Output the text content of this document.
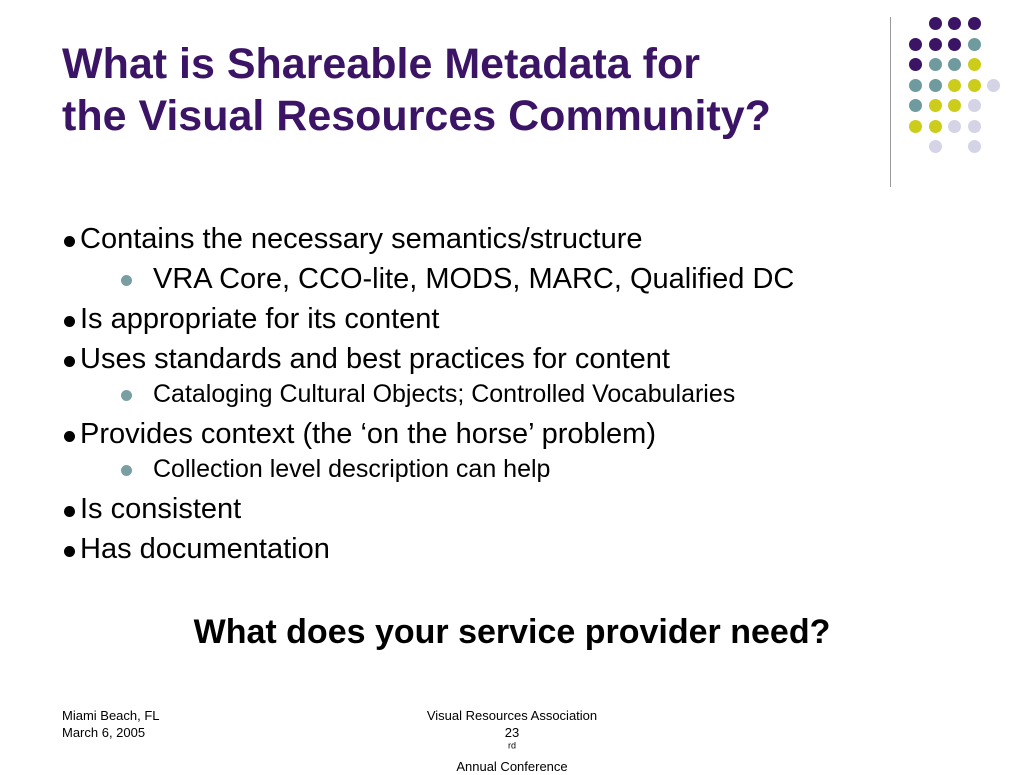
What is Shareable Metadata for
the Visual Resources Community?
Contains the necessary semantics/structure
VRA Core, CCO-lite, MODS, MARC, Qualified DC
Is appropriate for its content
Uses standards and best practices for content
Cataloging Cultural Objects; Controlled Vocabularies
Provides context (the ‘on the horse’ problem)
Collection level description can help
Is consistent
Has documentation
What does your service provider need?
Miami Beach, FL
March 6, 2005
Visual Resources Association
23
$^{rd}$
Annual Conference
